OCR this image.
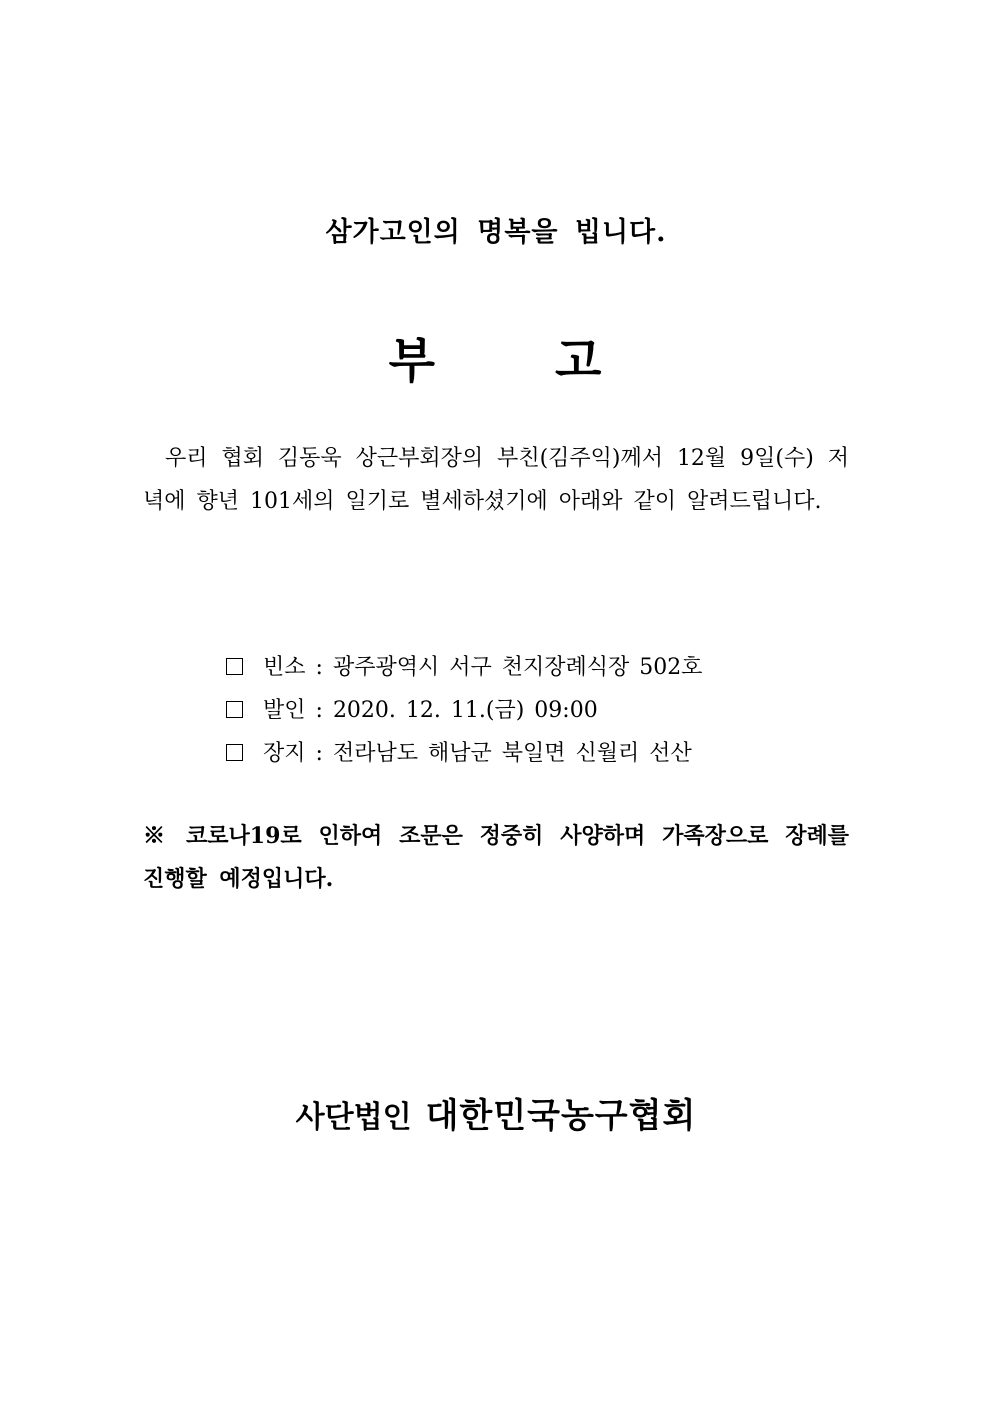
삼가고인의 명복을 빕니다.
부 고
우리 협회 김동욱 상근부회장의 부친(김주익)께서 12월 9일(수) 저녁에 향년 101세의 일기로 별세하셨기에 아래와 같이 알려드립니다.
빈소 : 광주광역시 서구 천지장례식장 502호
발인 : 2020. 12. 11.(금) 09:00
장지 : 전라남도 해남군 북일면 신월리 선산
※ 코로나19로 인하여 조문은 정중히 사양하며 가족장으로 장례를 진행할 예정입니다.
사단법인 대한민국농구협회
